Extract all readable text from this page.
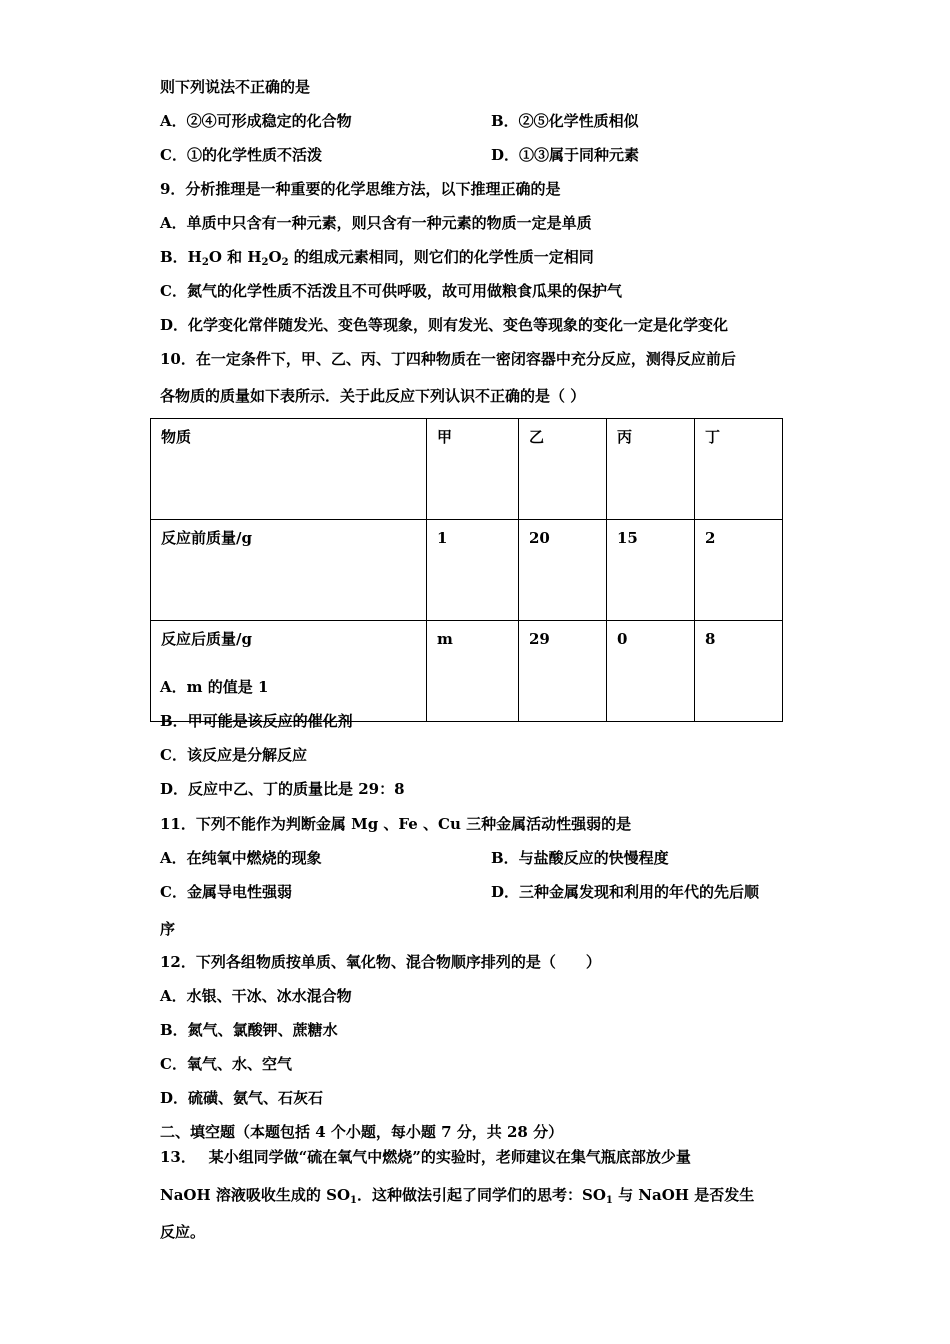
则下列说法不正确的是
A．②④可形成稳定的化合物	B．②⑤化学性质相似
C．①的化学性质不活泼	D．①③属于同种元素
9．分析推理是一种重要的化学思维方法，以下推理正确的是
A．单质中只含有一种元素，则只含有一种元素的物质一定是单质
B．$H_2O$ 和 $H_2O_2$ 的组成元素相同，则它们的化学性质一定相同
C．氮气的化学性质不活泼且不可供呼吸，故可用做粮食瓜果的保护气
D．化学变化常伴随发光、变色等现象，则有发光、变色等现象的变化一定是化学变化
10．在一定条件下，甲、乙、丙、丁四种物质在一密闭容器中充分反应，测得反应前后
各物质的质量如下表所示．关于此反应下列认识不正确的是（ ）
物质	甲	乙	丙	丁
反应前质量/g	1	20	15	2
反应后质量/g	m	29	0	8
A．m 的值是 1
B．甲可能是该反应的催化剂
C．该反应是分解反应
D．反应中乙、丁的质量比是 29：8
11．下列不能作为判断金属 Mg 、Fe 、Cu 三种金属活动性强弱的是
A．在纯氧中燃烧的现象	B．与盐酸反应的快慢程度
C．金属导电性强弱	D．三种金属发现和利用的年代的先后顺
序
12．下列各组物质按单质、氧化物、混合物顺序排列的是（　　）
A．水银、干冰、冰水混合物
B．氮气、氯酸钾、蔗糖水
C．氧气、水、空气
D．硫磺、氨气、石灰石
二、填空题（本题包括 4 个小题，每小题 7 分，共 28 分）
13．　 某小组同学做“硫在氧气中燃烧”的实验时，老师建议在集气瓶底部放少量
NaOH 溶液吸收生成的 $SO_1$．这种做法引起了同学们的思考：$SO_1$ 与 NaOH 是否发生
反应。
